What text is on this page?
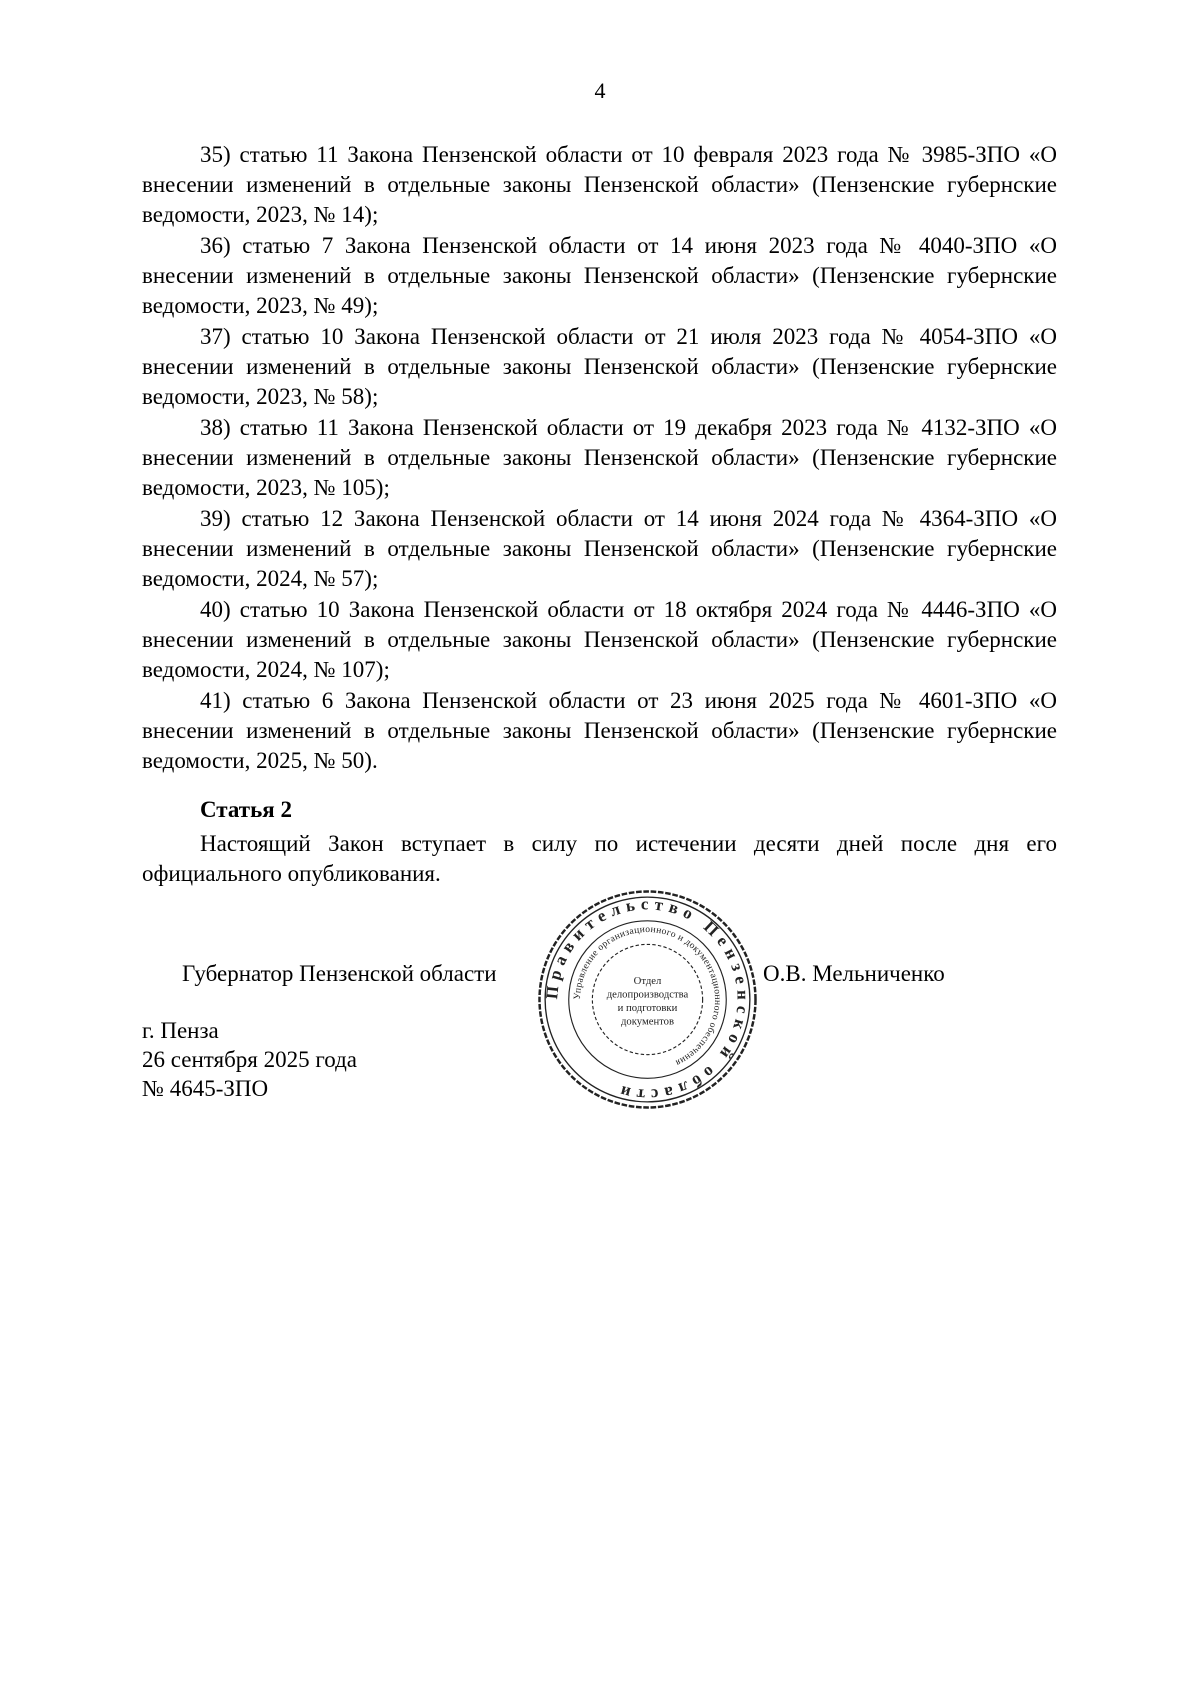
4

35) статью 11 Закона Пензенской области от 10 февраля 2023 года № 3985-ЗПО «О внесении изменений в отдельные законы Пензенской области» (Пензенские губернские ведомости, 2023, № 14);

36) статью 7 Закона Пензенской области от 14 июня 2023 года № 4040-ЗПО «О внесении изменений в отдельные законы Пензенской области» (Пензенские губернские ведомости, 2023, № 49);

37) статью 10 Закона Пензенской области от 21 июля 2023 года № 4054-ЗПО «О внесении изменений в отдельные законы Пензенской области» (Пензенские губернские ведомости, 2023, № 58);

38) статью 11 Закона Пензенской области от 19 декабря 2023 года № 4132-ЗПО «О внесении изменений в отдельные законы Пензенской области» (Пензенские губернские ведомости, 2023, № 105);

39) статью 12 Закона Пензенской области от 14 июня 2024 года № 4364-ЗПО «О внесении изменений в отдельные законы Пензенской области» (Пензенские губернские ведомости, 2024, № 57);

40) статью 10 Закона Пензенской области от 18 октября 2024 года № 4446-ЗПО «О внесении изменений в отдельные законы Пензенской области» (Пензенские губернские ведомости, 2024, № 107);

41) статью 6 Закона Пензенской области от 23 июня 2025 года № 4601-ЗПО «О внесении изменений в отдельные законы Пензенской области» (Пензенские губернские ведомости, 2025, № 50).

Статья 2
Настоящий Закон вступает в силу по истечении десяти дней после дня его официального опубликования.
Губернатор Пензенской области	О.В. Мельниченко
г. Пенза
26 сентября 2025 года
№ 4645-ЗПО
Правительство Пензенской области
Управление организационного и документационного обеспечения
Отдел
делопроизводства
и подготовки
документов
